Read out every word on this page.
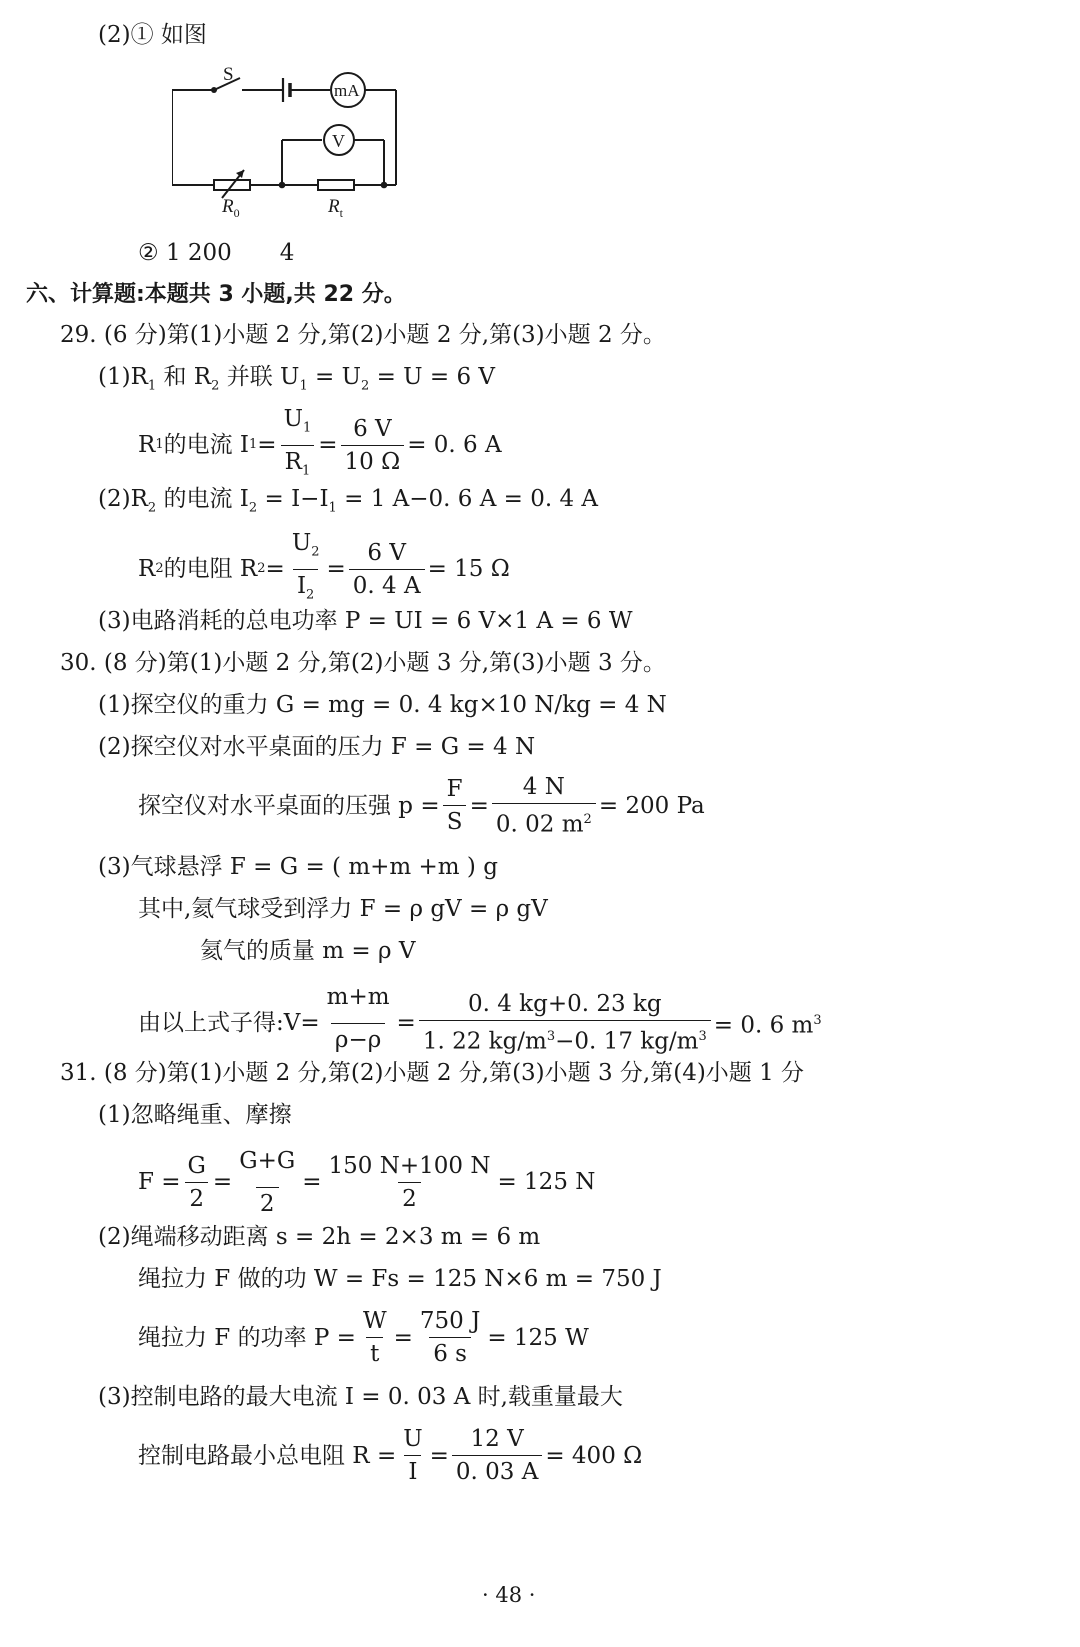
(2)① 如图
S
mA
V
$R_0$	$R_t$
② 1 200 4
六、计算题:本题共 3 小题,共 22 分。
29. (6 分)第(1)小题 2 分,第(2)小题 2 分,第(3)小题 2 分。
$(1)R_1$ 和 $R_2$ 并联 $U_1 = U_2 = U = 6$ V
R 1 的电流 I $1 = \frac{U_1}{R_1} = \frac{6 V}{10 \Omega} = 0$. 6 A
$(2)R_2$ 的电流 $I_2 = I-I_1 = 1$ A−0. 6 A = 0. 4 A
R 2 的电阻 R $2 = \frac{U_2}{I_2} = \frac{6 V}{0. 4 A} = 15$ Ω
(3)电路消耗的总电功率 P = UI = 6 V×1 A = 6 W
30. (8 分)第(1)小题 2 分,第(2)小题 3 分,第(3)小题 3 分。
(1)探空仪的重力 G = mg = 0. 4 kg×10 N/kg = 4 N
(2)探空仪对水平桌面的压力 F = G = 4 N
探空仪对水平桌面的压强 $p = \frac{F}{S} = \frac{4 N}{0. 02 m^2} = 200$ Pa
(3)气球悬浮 F = G = ( m+m +m ) g
其中,氦气球受到浮力 F = ρ gV = ρ gV
氦气的质量 m = ρ V
由以上式子得:V = $\frac{m+m}{\rho-\rho} = \frac{0. 4 kg+0. 23 kg}{1. 22 kg/m^3-0. 17 kg/m^3} = 0$. 6 $m^3$
31. (8 分)第(1)小题 2 分,第(2)小题 2 分,第(3)小题 3 分,第(4)小题 1 分
(1)忽略绳重、摩擦
$F = \frac{G}{2} = \frac{G+G}{2} = \frac{150 N+100 N}{2} = 125$ N
(2)绳端移动距离 s = 2h = 2×3 m = 6 m
绳拉力 F 做的功 W = Fs = 125 N×6 m = 750 J
绳拉力 F 的功率 $P = \frac{W}{t} = \frac{750 J}{6 s} = 125$ W
(3)控制电路的最大电流 I = 0. 03 A 时,载重量最大
控制电路最小总电阻 $R = \frac{U}{I} = \frac{12 V}{0. 03 A} = 400$ Ω
· 48 ·
